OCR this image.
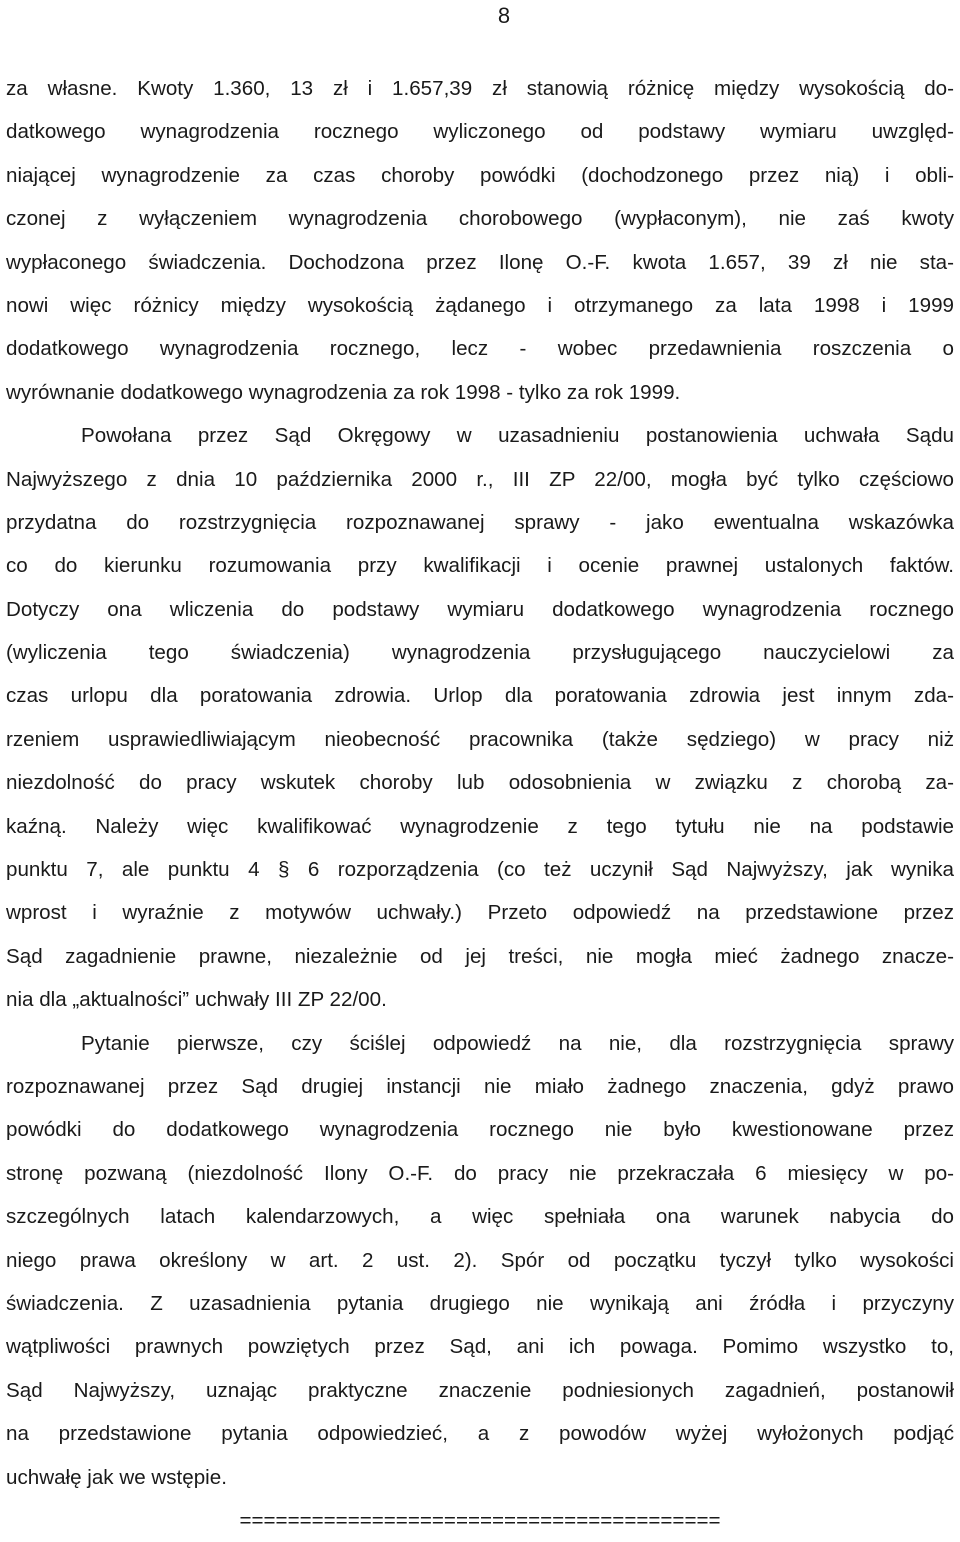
8
za własne. Kwoty 1.360, 13 zł i 1.657,39 zł stanowią różnicę między wysokością do-
datkowego wynagrodzenia rocznego wyliczonego od podstawy wymiaru uwzględ-
niającej wynagrodzenie za czas choroby powódki (dochodzonego przez nią) i obli-
czonej z wyłączeniem wynagrodzenia chorobowego (wypłaconym), nie zaś kwoty
wypłaconego świadczenia. Dochodzona przez Ilonę O.-F. kwota 1.657, 39 zł nie sta-
nowi więc różnicy między wysokością żądanego i otrzymanego za lata 1998 i 1999
dodatkowego wynagrodzenia rocznego, lecz - wobec przedawnienia roszczenia o
wyrównanie dodatkowego wynagrodzenia za rok 1998 - tylko za rok 1999.
Powołana przez Sąd Okręgowy w uzasadnieniu postanowienia uchwała Sądu
Najwyższego z dnia 10 października 2000 r., III ZP 22/00, mogła być tylko częściowo
przydatna do rozstrzygnięcia rozpoznawanej sprawy - jako ewentualna wskazówka
co do kierunku rozumowania przy kwalifikacji i ocenie prawnej ustalonych faktów.
Dotyczy ona wliczenia do podstawy wymiaru dodatkowego wynagrodzenia rocznego
(wyliczenia tego świadczenia) wynagrodzenia przysługującego nauczycielowi za
czas urlopu dla poratowania zdrowia. Urlop dla poratowania zdrowia jest innym zda-
rzeniem usprawiedliwiającym nieobecność pracownika (także sędziego) w pracy niż
niezdolność do pracy wskutek choroby lub odosobnienia w związku z chorobą za-
kaźną. Należy więc kwalifikować wynagrodzenie z tego tytułu nie na podstawie
punktu 7, ale punktu 4 § 6 rozporządzenia (co też uczynił Sąd Najwyższy, jak wynika
wprost i wyraźnie z motywów uchwały.) Przeto odpowiedź na przedstawione przez
Sąd zagadnienie prawne, niezależnie od jej treści, nie mogła mieć żadnego znacze-
nia dla „aktualności” uchwały III ZP 22/00.
Pytanie pierwsze, czy ściślej odpowiedź na nie, dla rozstrzygnięcia sprawy
rozpoznawanej przez Sąd drugiej instancji nie miało żadnego znaczenia, gdyż prawo
powódki do dodatkowego wynagrodzenia rocznego nie było kwestionowane przez
stronę pozwaną (niezdolność Ilony O.-F. do pracy nie przekraczała 6 miesięcy w po-
szczególnych latach kalendarzowych, a więc spełniała ona warunek nabycia do
niego prawa określony w art. 2 ust. 2). Spór od początku tyczył tylko wysokości
świadczenia. Z uzasadnienia pytania drugiego nie wynikają ani źródła i przyczyny
wątpliwości prawnych powziętych przez Sąd, ani ich powaga. Pomimo wszystko to,
Sąd Najwyższy, uznając praktyczne znaczenie podniesionych zagadnień, postanowił
na przedstawione pytania odpowiedzieć, a z powodów wyżej wyłożonych podjąć
uchwałę jak we wstępie.
========================================
